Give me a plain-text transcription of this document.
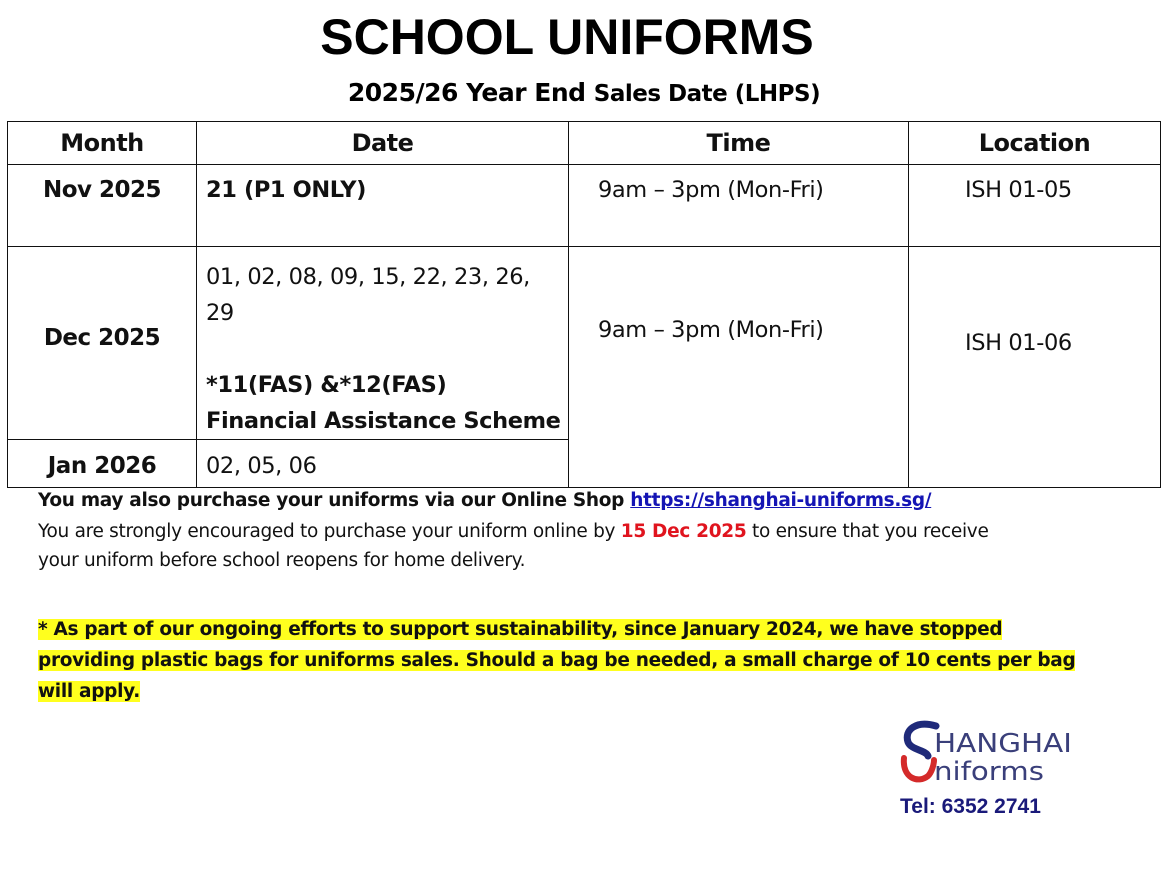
SCHOOL UNIFORMS
2025/26 Year End Sales Date (LHPS)
Month	Date	Time	Location

Nov 2025	21 (P1 ONLY)	9am – 3pm (Mon-Fri)	ISH 01-05

Dec 2025	01, 02, 08, 09, 15, 22, 23, 26,
29
*11(FAS) &*12(FAS)
Financial Assistance Scheme	9am – 3pm (Mon-Fri)	ISH 01-06

Jan 2026	02, 05, 06		
You may also purchase your uniforms via our Online Shop https://shanghai-uniforms.sg/
You are strongly encouraged to purchase your uniform online by 15 Dec 2025 to ensure that you receive
your uniform before school reopens for home delivery.
* As part of our ongoing efforts to support sustainability, since January 2024, we have stopped
providing plastic bags for uniforms sales. Should a bag be needed, a small charge of 10 cents per bag
will apply.
HANGHAI
niforms
Tel: 6352 2741
